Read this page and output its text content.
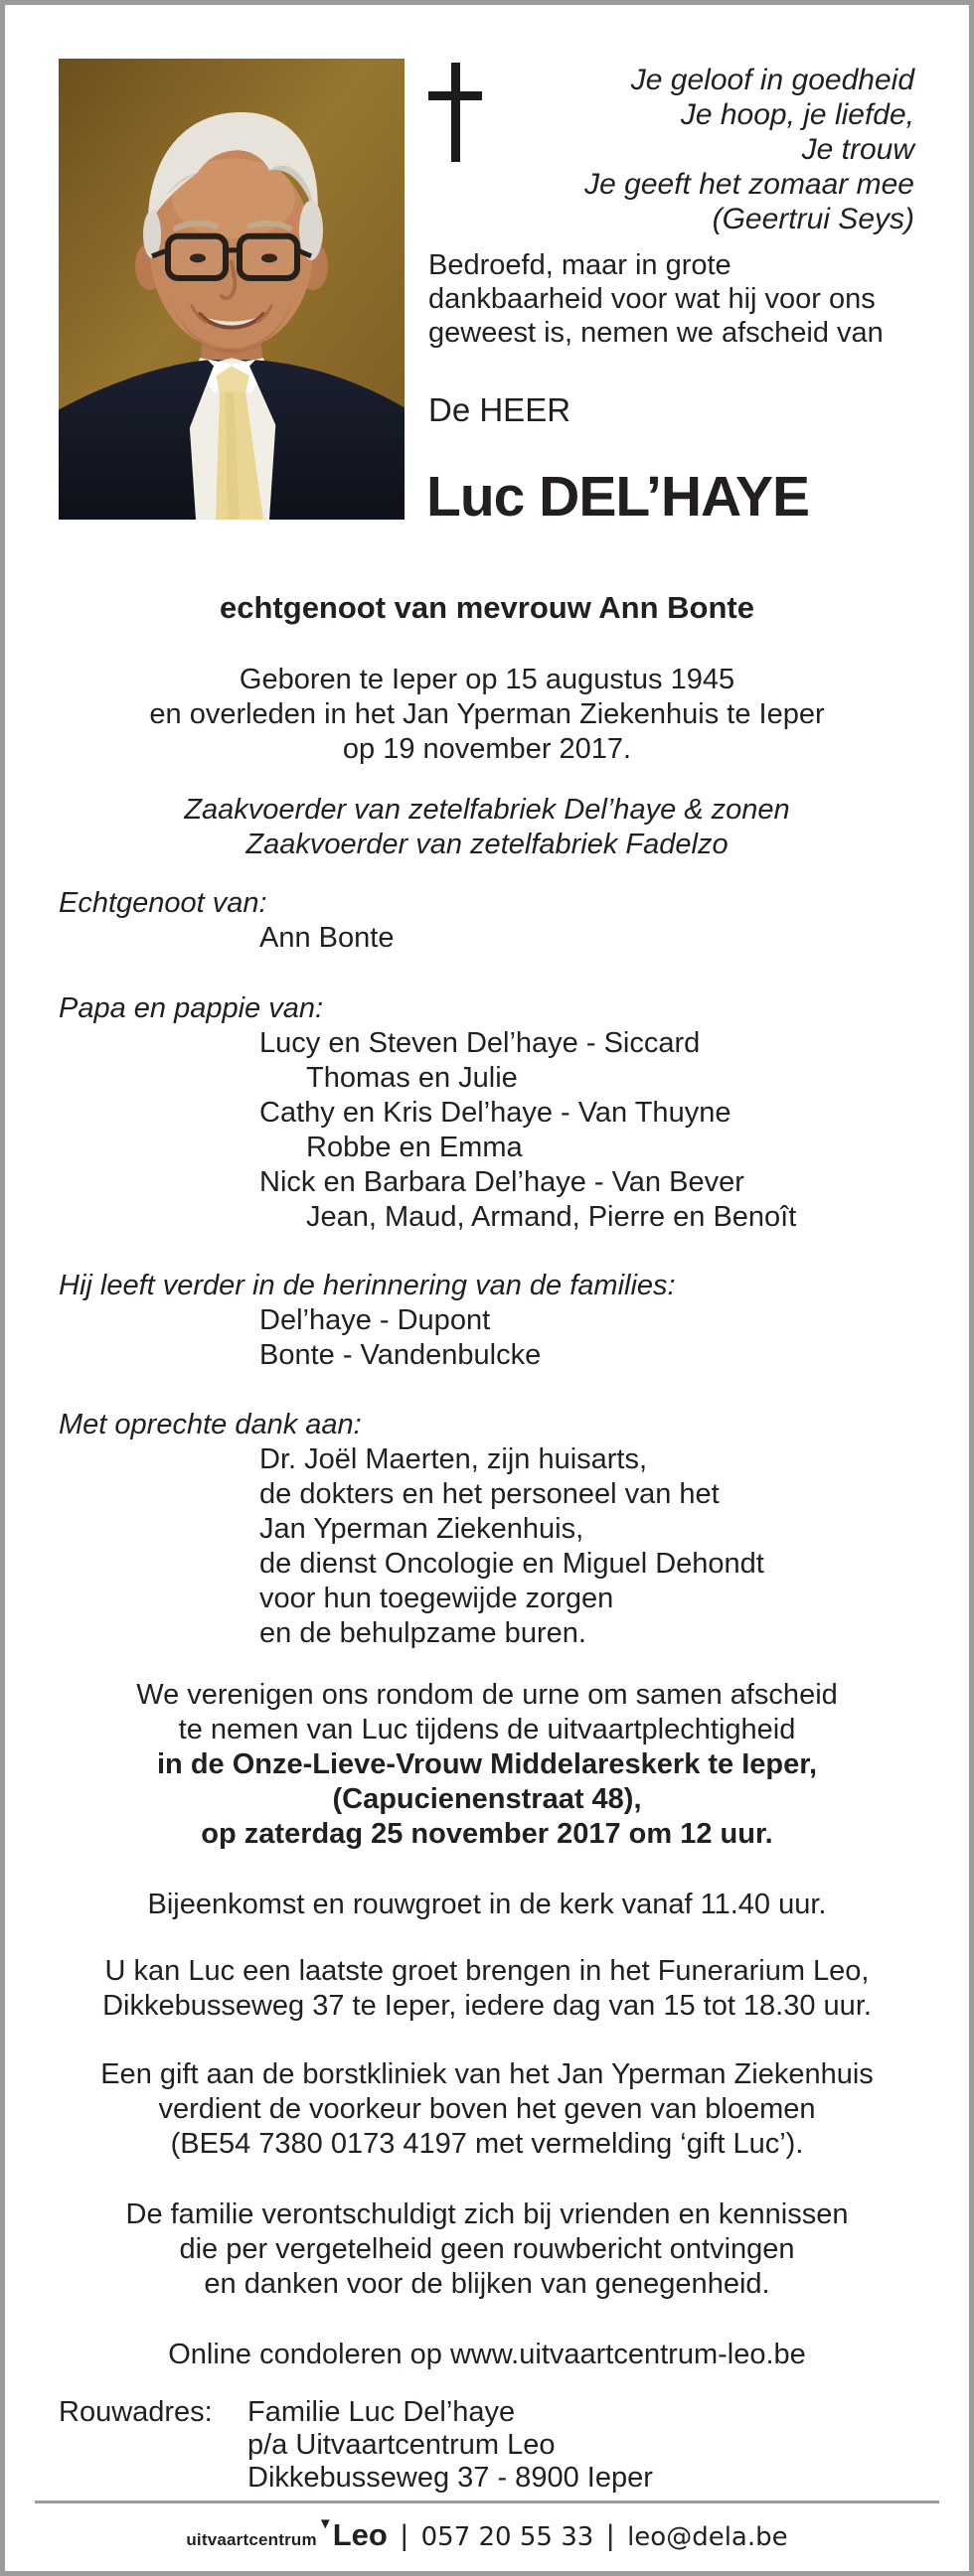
Je geloof in goedheid
Je hoop, je liefde,
Je trouw
Je geeft het zomaar mee
(Geertrui Seys)
Bedroefd, maar in grote
dankbaarheid voor wat hij voor ons
geweest is, nemen we afscheid van
De HEER
Luc DEL’HAYE
echtgenoot van mevrouw Ann Bonte
Geboren te Ieper op 15 augustus 1945
en overleden in het Jan Yperman Ziekenhuis te Ieper
op 19 november 2017.
Zaakvoerder van zetelfabriek Del’haye & zonen
Zaakvoerder van zetelfabriek Fadelzo
Echtgenoot van:
Ann Bonte
Papa en pappie van:
Lucy en Steven Del’haye - Siccard
Thomas en Julie
Cathy en Kris Del’haye - Van Thuyne
Robbe en Emma
Nick en Barbara Del’haye - Van Bever
Jean, Maud, Armand, Pierre en Benoît
Hij leeft verder in de herinnering van de families:
Del’haye - Dupont
Bonte - Vandenbulcke
Met oprechte dank aan:
Dr. Joël Maerten, zijn huisarts,
de dokters en het personeel van het
Jan Yperman Ziekenhuis,
de dienst Oncologie en Miguel Dehondt
voor hun toegewijde zorgen
en de behulpzame buren.
We verenigen ons rondom de urne om samen afscheid
te nemen van Luc tijdens de uitvaartplechtigheid
in de Onze-Lieve-Vrouw Middelareskerk te Ieper,
(Capucienenstraat 48),
op zaterdag 25 november 2017 om 12 uur.
Bijeenkomst en rouwgroet in de kerk vanaf 11.40 uur.
U kan Luc een laatste groet brengen in het Funerarium Leo,
Dikkebusseweg 37 te Ieper, iedere dag van 15 tot 18.30 uur.
Een gift aan de borstkliniek van het Jan Yperman Ziekenhuis
verdient de voorkeur boven het geven van bloemen
(BE54 7380 0173 4197 met vermelding ‘gift Luc’).
De familie verontschuldigt zich bij vrienden en kennissen
die per vergetelheid geen rouwbericht ontvingen
en danken voor de blijken van genegenheid.
Online condoleren op www.uitvaartcentrum-leo.be
Rouwadres:	Familie Luc Del’haye
p/a Uitvaartcentrum Leo
Dikkebusseweg 37 - 8900 Ieper
uitvaartcentrum
▼ Leo | 057 20 55 33 | leo@dela.be
